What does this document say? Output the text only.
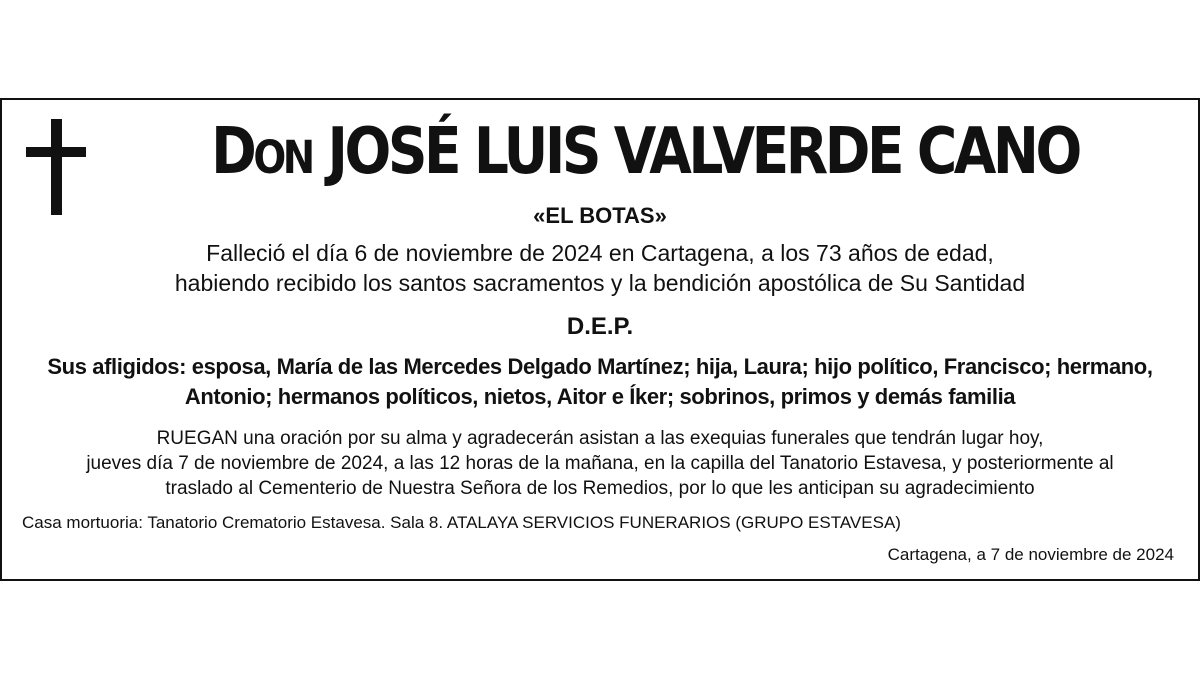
Don JOSÉ LUIS VALVERDE CANO
«EL BOTAS»
Falleció el día 6 de noviembre de 2024 en Cartagena, a los 73 años de edad,
habiendo recibido los santos sacramentos y la bendición apostólica de Su Santidad
D.E.P.
Sus afligidos: esposa, María de las Mercedes Delgado Martínez; hija, Laura; hijo político, Francisco; hermano,
Antonio; hermanos políticos, nietos, Aitor e Íker; sobrinos, primos y demás familia
RUEGAN una oración por su alma y agradecerán asistan a las exequias funerales que tendrán lugar hoy,
jueves día 7 de noviembre de 2024, a las 12 horas de la mañana, en la capilla del Tanatorio Estavesa, y posteriormente al
traslado al Cementerio de Nuestra Señora de los Remedios, por lo que les anticipan su agradecimiento
Casa mortuoria: Tanatorio Crematorio Estavesa. Sala 8. ATALAYA SERVICIOS FUNERARIOS (GRUPO ESTAVESA)
Cartagena, a 7 de noviembre de 2024
